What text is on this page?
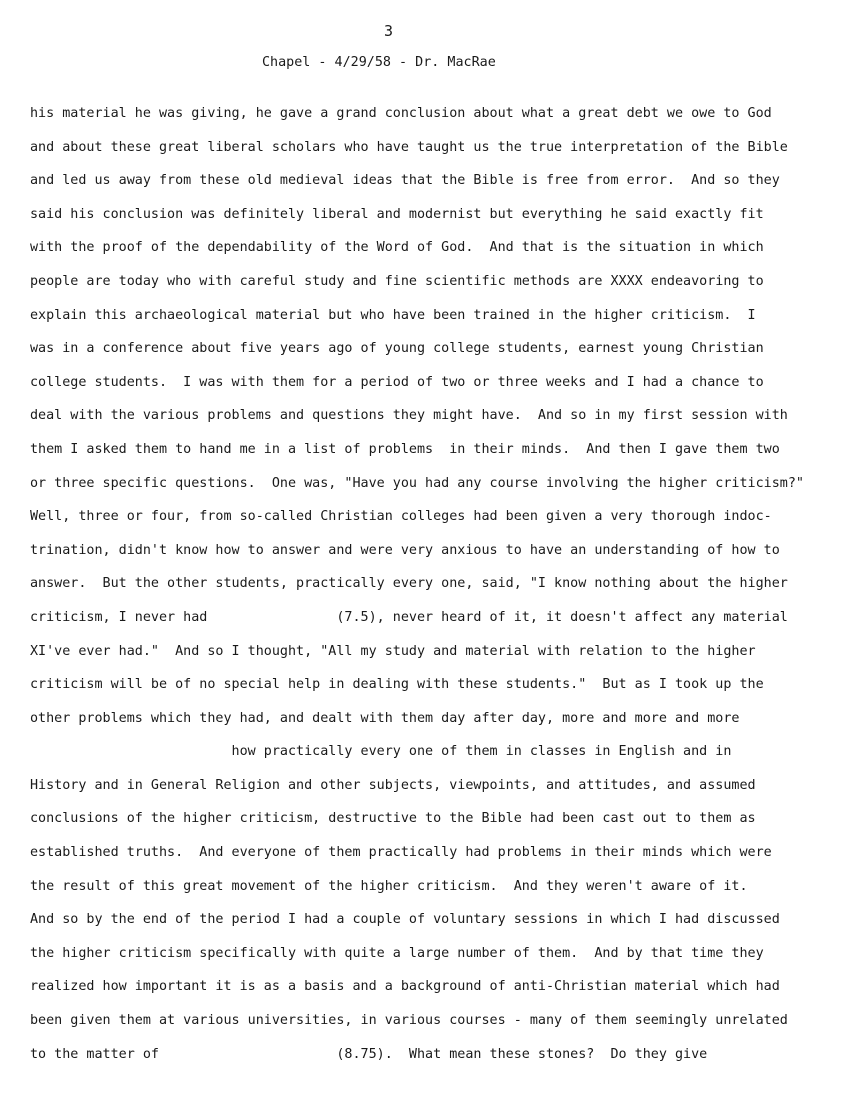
3
Chapel - 4/29/58 - Dr. MacRae
his material he was giving, he gave a grand conclusion about what a great debt we owe to God
and about these great liberal scholars who have taught us the true interpretation of the Bible
and led us away from these old medieval ideas that the Bible is free from error.  And so they
said his conclusion was definitely liberal and modernist but everything he said exactly fit
with the proof of the dependability of the Word of God.  And that is the situation in which
people are today who with careful study and fine scientific methods are XXXX endeavoring to
explain this archaeological material but who have been trained in the higher criticism.  I
was in a conference about five years ago of young college students, earnest young Christian
college students.  I was with them for a period of two or three weeks and I had a chance to
deal with the various problems and questions they might have.  And so in my first session with
them I asked them to hand me in a list of problems  in their minds.  And then I gave them two
or three specific questions.  One was, "Have you had any course involving the higher criticism?"
Well, three or four, from so-called Christian colleges had been given a very thorough indoc-
trination, didn't know how to answer and were very anxious to have an understanding of how to
answer.  But the other students, practically every one, said, "I know nothing about the higher
criticism, I never had                (7.5), never heard of it, it doesn't affect any material
XI've ever had."  And so I thought, "All my study and material with relation to the higher
criticism will be of no special help in dealing with these students."  But as I took up the
other problems which they had, and dealt with them day after day, more and more and more
how practically every one of them in classes in English and in
History and in General Religion and other subjects, viewpoints, and attitudes, and assumed
conclusions of the higher criticism, destructive to the Bible had been cast out to them as
established truths.  And everyone of them practically had problems in their minds which were
the result of this great movement of the higher criticism.  And they weren't aware of it.
And so by the end of the period I had a couple of voluntary sessions in which I had discussed
the higher criticism specifically with quite a large number of them.  And by that time they
realized how important it is as a basis and a background of anti-Christian material which had
been given them at various universities, in various courses - many of them seemingly unrelated
to the matter of                      (8.75).  What mean these stones?  Do they give
